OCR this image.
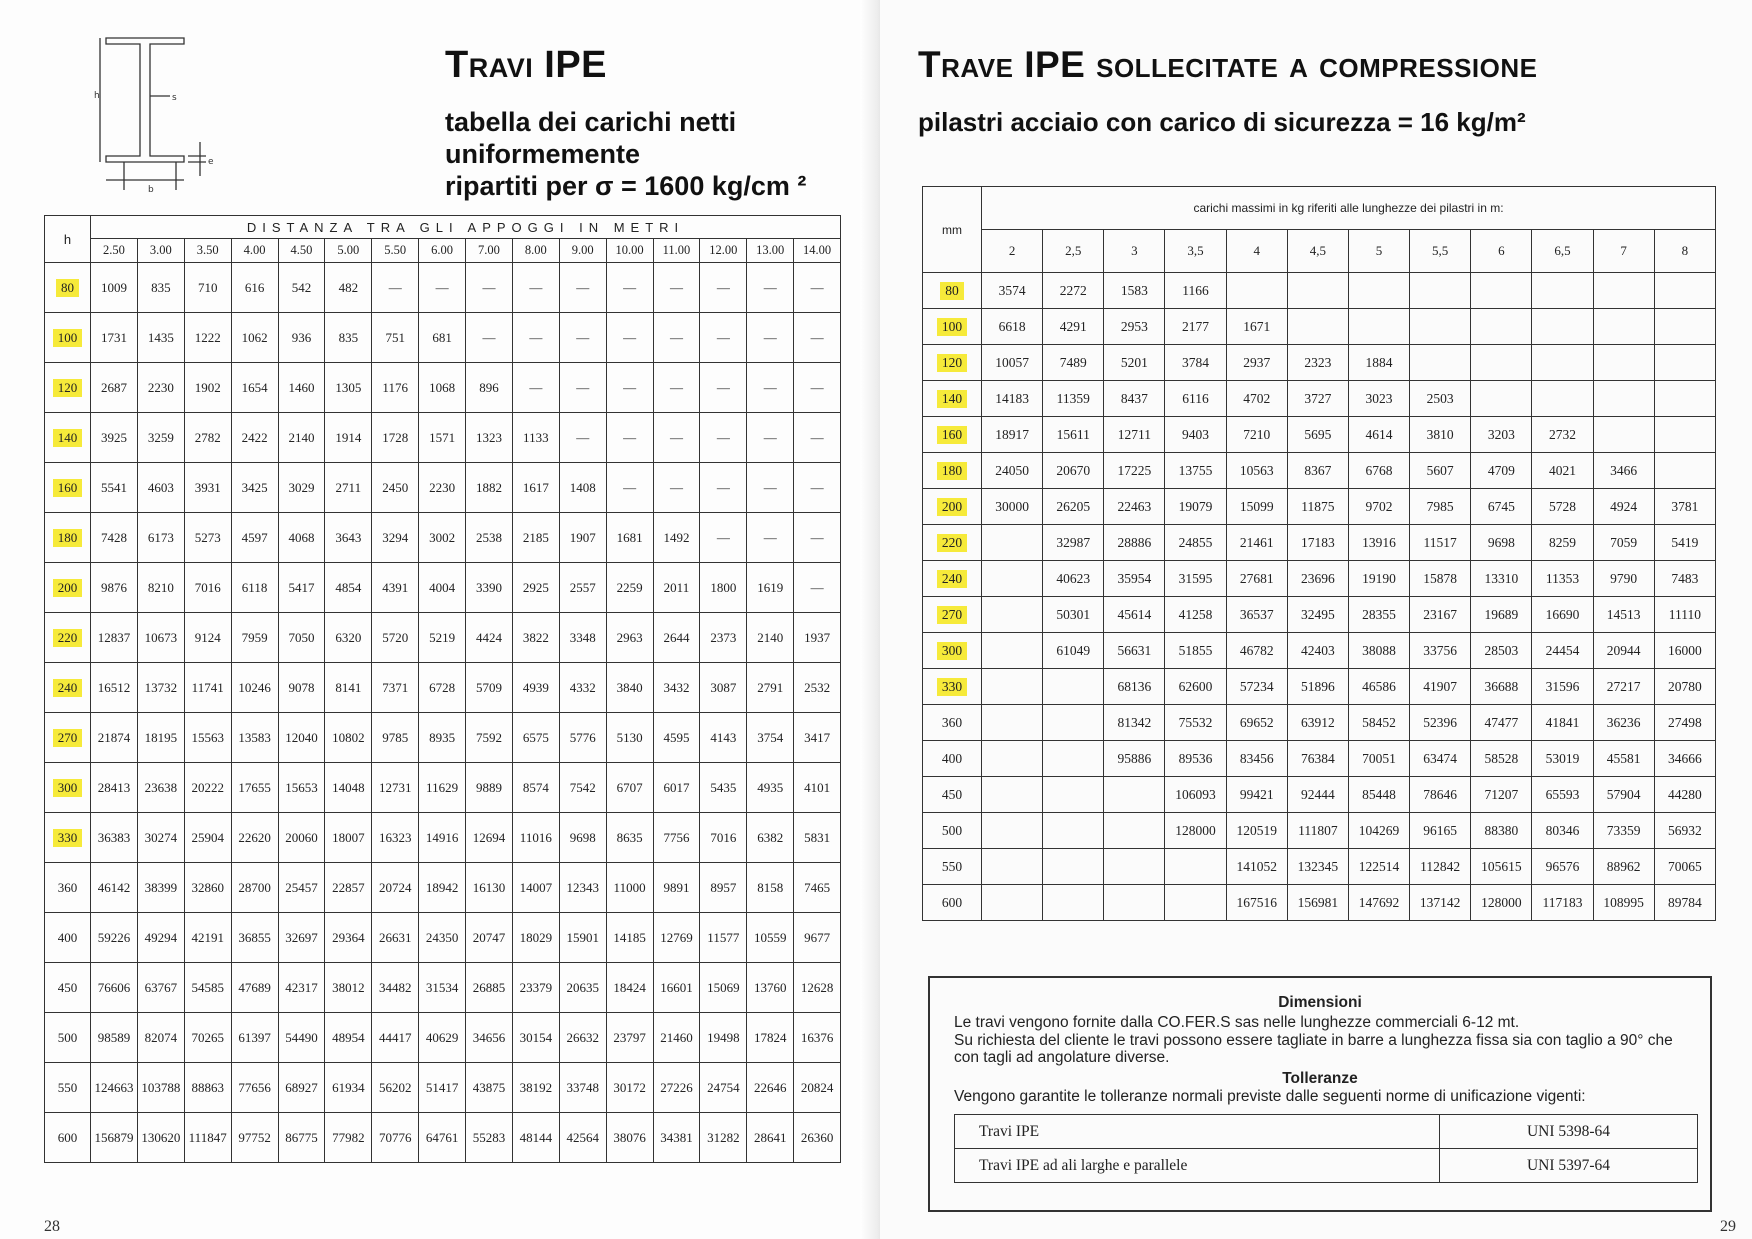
h	s
b
e
Travi IPE
tabella dei carichi netti
uniformemente
ripartiti per σ = 1600 kg/cm ²
h	DISTANZA TRA GLI APPOGGI IN METRI															
	2.50	3.00	3.50	4.00	4.50	5.00	5.50	6.00	7.00	8.00	9.00	10.00	11.00	12.00	13.00	14.00
80	1009	835	710	616	542	482	—	—	—	—	—	—	—	—	—	—
100	1731	1435	1222	1062	936	835	751	681	—	—	—	—	—	—	—	—
120	2687	2230	1902	1654	1460	1305	1176	1068	896	—	—	—	—	—	—	—
140	3925	3259	2782	2422	2140	1914	1728	1571	1323	1133	—	—	—	—	—	—
160	5541	4603	3931	3425	3029	2711	2450	2230	1882	1617	1408	—	—	—	—	—
180	7428	6173	5273	4597	4068	3643	3294	3002	2538	2185	1907	1681	1492	—	—	—
200	9876	8210	7016	6118	5417	4854	4391	4004	3390	2925	2557	2259	2011	1800	1619	—
220	12837	10673	9124	7959	7050	6320	5720	5219	4424	3822	3348	2963	2644	2373	2140	1937
240	16512	13732	11741	10246	9078	8141	7371	6728	5709	4939	4332	3840	3432	3087	2791	2532
270	21874	18195	15563	13583	12040	10802	9785	8935	7592	6575	5776	5130	4595	4143	3754	3417
300	28413	23638	20222	17655	15653	14048	12731	11629	9889	8574	7542	6707	6017	5435	4935	4101
330	36383	30274	25904	22620	20060	18007	16323	14916	12694	11016	9698	8635	7756	7016	6382	5831
360	46142	38399	32860	28700	25457	22857	20724	18942	16130	14007	12343	11000	9891	8957	8158	7465
400	59226	49294	42191	36855	32697	29364	26631	24350	20747	18029	15901	14185	12769	11577	10559	9677
450	76606	63767	54585	47689	42317	38012	34482	31534	26885	23379	20635	18424	16601	15069	13760	12628
500	98589	82074	70265	61397	54490	48954	44417	40629	34656	30154	26632	23797	21460	19498	17824	16376
550	124663	103788	88863	77656	68927	61934	56202	51417	43875	38192	33748	30172	27226	24754	22646	20824
600	156879	130620	111847	97752	86775	77982	70776	64761	55283	48144	42564	38076	34381	31282	28641	26360
28
Trave IPE sollecitate a compressione
pilastri acciaio con carico di sicurezza = 16 kg/m²
mm	carichi massimi in kg riferiti alle lunghezze dei pilastri in m:											
	2	2,5	3	3,5	4	4,5	5	5,5	6	6,5	7	8
80	3574	2272	1583	1166								
100	6618	4291	2953	2177	1671							
120	10057	7489	5201	3784	2937	2323	1884					
140	14183	11359	8437	6116	4702	3727	3023	2503				
160	18917	15611	12711	9403	7210	5695	4614	3810	3203	2732		
180	24050	20670	17225	13755	10563	8367	6768	5607	4709	4021	3466	
200	30000	26205	22463	19079	15099	11875	9702	7985	6745	5728	4924	3781
220		32987	28886	24855	21461	17183	13916	11517	9698	8259	7059	5419
240		40623	35954	31595	27681	23696	19190	15878	13310	11353	9790	7483
270		50301	45614	41258	36537	32495	28355	23167	19689	16690	14513	11110
300		61049	56631	51855	46782	42403	38088	33756	28503	24454	20944	16000
330			68136	62600	57234	51896	46586	41907	36688	31596	27217	20780
360			81342	75532	69652	63912	58452	52396	47477	41841	36236	27498
400			95886	89536	83456	76384	70051	63474	58528	53019	45581	34666
450				106093	99421	92444	85448	78646	71207	65593	57904	44280
500				128000	120519	111807	104269	96165	88380	80346	73359	56932
550					141052	132345	122514	112842	105615	96576	88962	70065
600					167516	156981	147692	137142	128000	117183	108995	89784
Dimensioni

Le travi vengono fornite dalla CO.FER.S sas nelle lunghezze commerciali 6-12 mt.

Su richiesta del cliente le travi possono essere tagliate in barre a lunghezza fissa sia con taglio a 90° che con tagli ad angolature diverse.

Tolleranze

Vengono garantite le tolleranze normali previste dalle seguenti norme di unificazione vigenti:

Travi IPE	UNI 5398-64
Travi IPE ad ali larghe e parallele	UNI 5397-64
29
